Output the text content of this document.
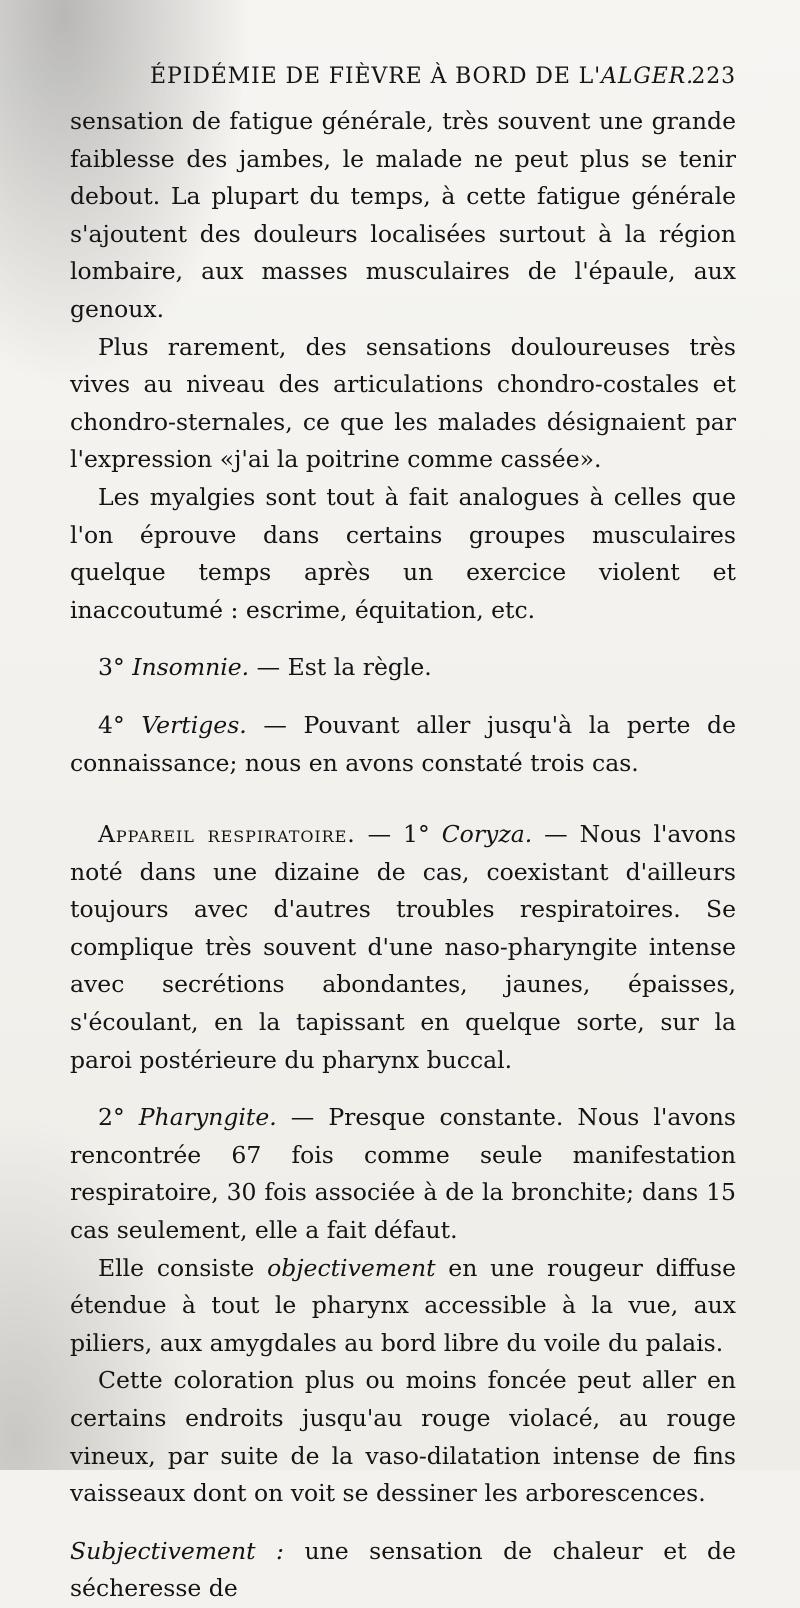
ÉPIDÉMIE DE FIÈVRE À BORD DE L'ALGER.
223

sensation de fatigue générale, très souvent une grande faiblesse des jambes, le malade ne peut plus se tenir debout. La plupart du temps, à cette fatigue générale s'ajoutent des douleurs localisées surtout à la région lombaire, aux masses musculaires de l'épaule, aux genoux.

Plus rarement, des sensations douloureuses très vives au niveau des articulations chondro-costales et chondro-sternales, ce que les malades désignaient par l'expression «j'ai la poitrine comme cassée».

Les myalgies sont tout à fait analogues à celles que l'on éprouve dans certains groupes musculaires quelque temps après un exercice violent et inaccoutumé : escrime, équitation, etc.

3° Insomnie. — Est la règle.

4° Vertiges. — Pouvant aller jusqu'à la perte de connaissance; nous en avons constaté trois cas.

Appareil respiratoire. — 1° Coryza. — Nous l'avons noté dans une dizaine de cas, coexistant d'ailleurs toujours avec d'autres troubles respiratoires. Se complique très souvent d'une naso-pharyngite intense avec secrétions abondantes, jaunes, épaisses, s'écoulant, en la tapissant en quelque sorte, sur la paroi postérieure du pharynx buccal.

2° Pharyngite. — Presque constante. Nous l'avons rencontrée 67 fois comme seule manifestation respiratoire, 30 fois associée à de la bronchite; dans 15 cas seulement, elle a fait défaut.

Elle consiste objectivement en une rougeur diffuse étendue à tout le pharynx accessible à la vue, aux piliers, aux amygdales au bord libre du voile du palais.

Cette coloration plus ou moins foncée peut aller en certains endroits jusqu'au rouge violacé, au rouge vineux, par suite de la vaso-dilatation intense de fins vaisseaux dont on voit se dessiner les arborescences.

Subjectivement : une sensation de chaleur et de sécheresse de
